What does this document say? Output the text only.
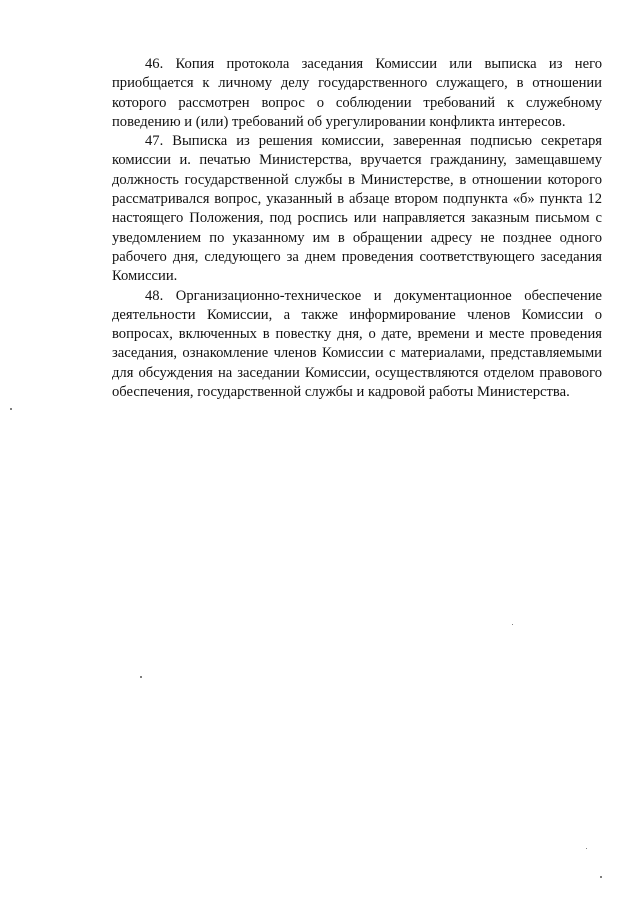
46. Копия протокола заседания Комиссии или выписка из него приобщается к личному делу государственного служащего, в отношении которого рассмотрен вопрос о соблюдении требований к служебному поведению и (или) требований об урегулировании конфликта интересов.

47. Выписка из решения комиссии, заверенная подписью секретаря комиссии и. печатью Министерства, вручается гражданину, замещавшему должность государственной службы в Министерстве, в отношении которого рассматривался вопрос, указанный в абзаце втором подпункта «б» пункта 12 настоящего Положения, под роспись или направляется заказным письмом с уведомлением по указанному им в обращении адресу не позднее одного рабочего дня, следующего за днем проведения соответствующего заседания Комиссии.

48. Организационно-техническое и документационное обеспечение деятельности Комиссии, а также информирование членов Комиссии о вопросах, включенных в повестку дня, о дате, времени и месте проведения заседания, ознакомление членов Комиссии с материалами, представляемыми для обсуждения на заседании Комиссии, осуществляются отделом правового обеспечения, государственной службы и кадровой работы Министерства.
